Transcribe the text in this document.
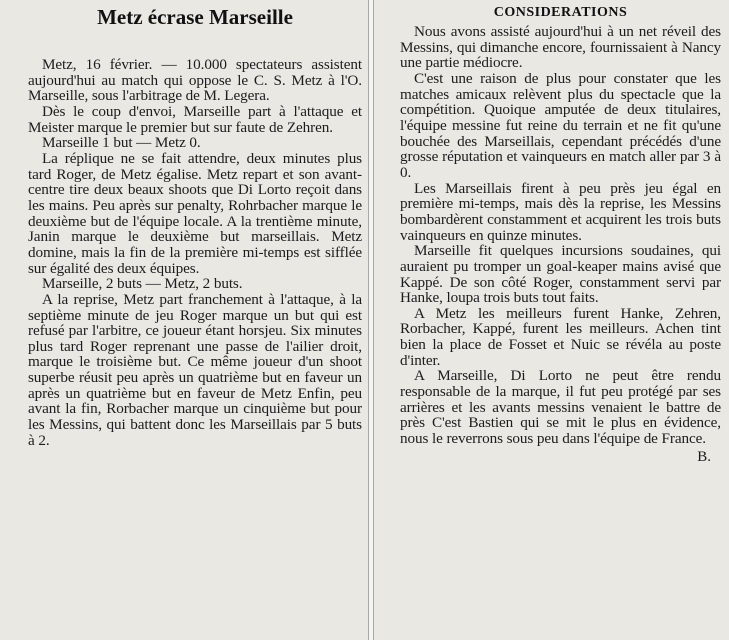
Metz écrase Marseille

Metz, 16 février. — 10.000 spectateurs assistent aujourd'hui au match qui oppose le C. S. Metz à l'O. Marseille, sous l'arbitrage de M. Legera.

Dès le coup d'envoi, Marseille part à l'attaque et Meister marque le premier but sur faute de Zehren.

Marseille 1 but — Metz 0.

La réplique ne se fait attendre, deux minutes plus tard Roger, de Metz égalise. Metz repart et son avant-centre tire deux beaux shoots que Di Lorto reçoit dans les mains. Peu après sur penalty, Rohrbacher marque le deuxième but de l'équipe locale. A la trentième minute, Janin marque le deuxième but marseillais. Metz domine, mais la fin de la première mi-temps est sifflée sur égalité des deux équipes.

Marseille, 2 buts — Metz, 2 buts.

A la reprise, Metz part franchement à l'attaque, à la septième minute de jeu Roger marque un but qui est refusé par l'arbitre, ce joueur étant horsjeu. Six minutes plus tard Roger reprenant une passe de l'ailier droit, marque le troisième but. Ce même joueur d'un shoot superbe réusit peu après un quatrième but en faveur un après un quatrième but en faveur de Metz Enfin, peu avant la fin, Rorbacher marque un cinquième but pour les Messins, qui battent donc les Marseillais par 5 buts à 2.

CONSIDERATIONS

Nous avons assisté aujourd'hui à un net réveil des Messins, qui dimanche encore, fournissaient à Nancy une partie médiocre.

C'est une raison de plus pour constater que les matches amicaux relèvent plus du spectacle que la compétition. Quoique amputée de deux titulaires, l'équipe messine fut reine du terrain et ne fit qu'une bouchée des Marseillais, cependant précédés d'une grosse réputation et vainqueurs en match aller par 3 à 0.

Les Marseillais firent à peu près jeu égal en première mi-temps, mais dès la reprise, les Messins bombardèrent constamment et acquirent les trois buts vainqueurs en quinze minutes.

Marseille fit quelques incursions soudaines, qui auraient pu tromper un goal-keaper mains avisé que Kappé. De son côté Roger, constamment servi par Hanke, loupa trois buts tout faits.

A Metz les meilleurs furent Hanke, Zehren, Rorbacher, Kappé, furent les meilleurs. Achen tint bien la place de Fosset et Nuic se révéla au poste d'inter.

A Marseille, Di Lorto ne peut être rendu responsable de la marque, il fut peu protégé par ses arrières et les avants messins venaient le battre de près C'est Bastien qui se mit le plus en évidence, nous le reverrons sous peu dans l'équipe de France.

B.
